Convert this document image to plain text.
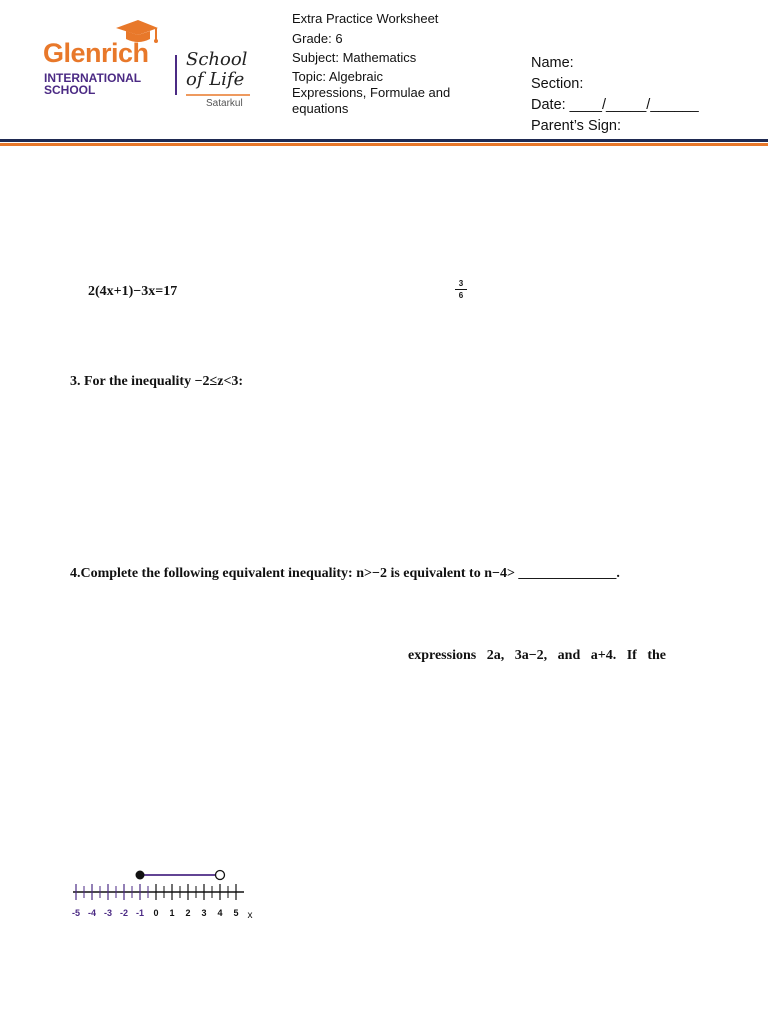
Glenrich
INTERNATIONAL
SCHOOL
School
of Life
Satarkul
Extra Practice Worksheet
Grade: 6
Subject: Mathematics
Topic: Algebraic
Expressions, Formulae and
equations
Name:
Section:
Date: ____/_____/______
Parent’s Sign:
2(4x+1)−3x=17
3
6
3. For the inequality −2≤z<3:
4.Complete the following equivalent inequality: n>−2 is equivalent to n−4> ______________.
expressions   2a,   3a−2,   and   a+4.   If   the
-5 -4 -3 -2 -1 0 1 2 3 4 5 x
